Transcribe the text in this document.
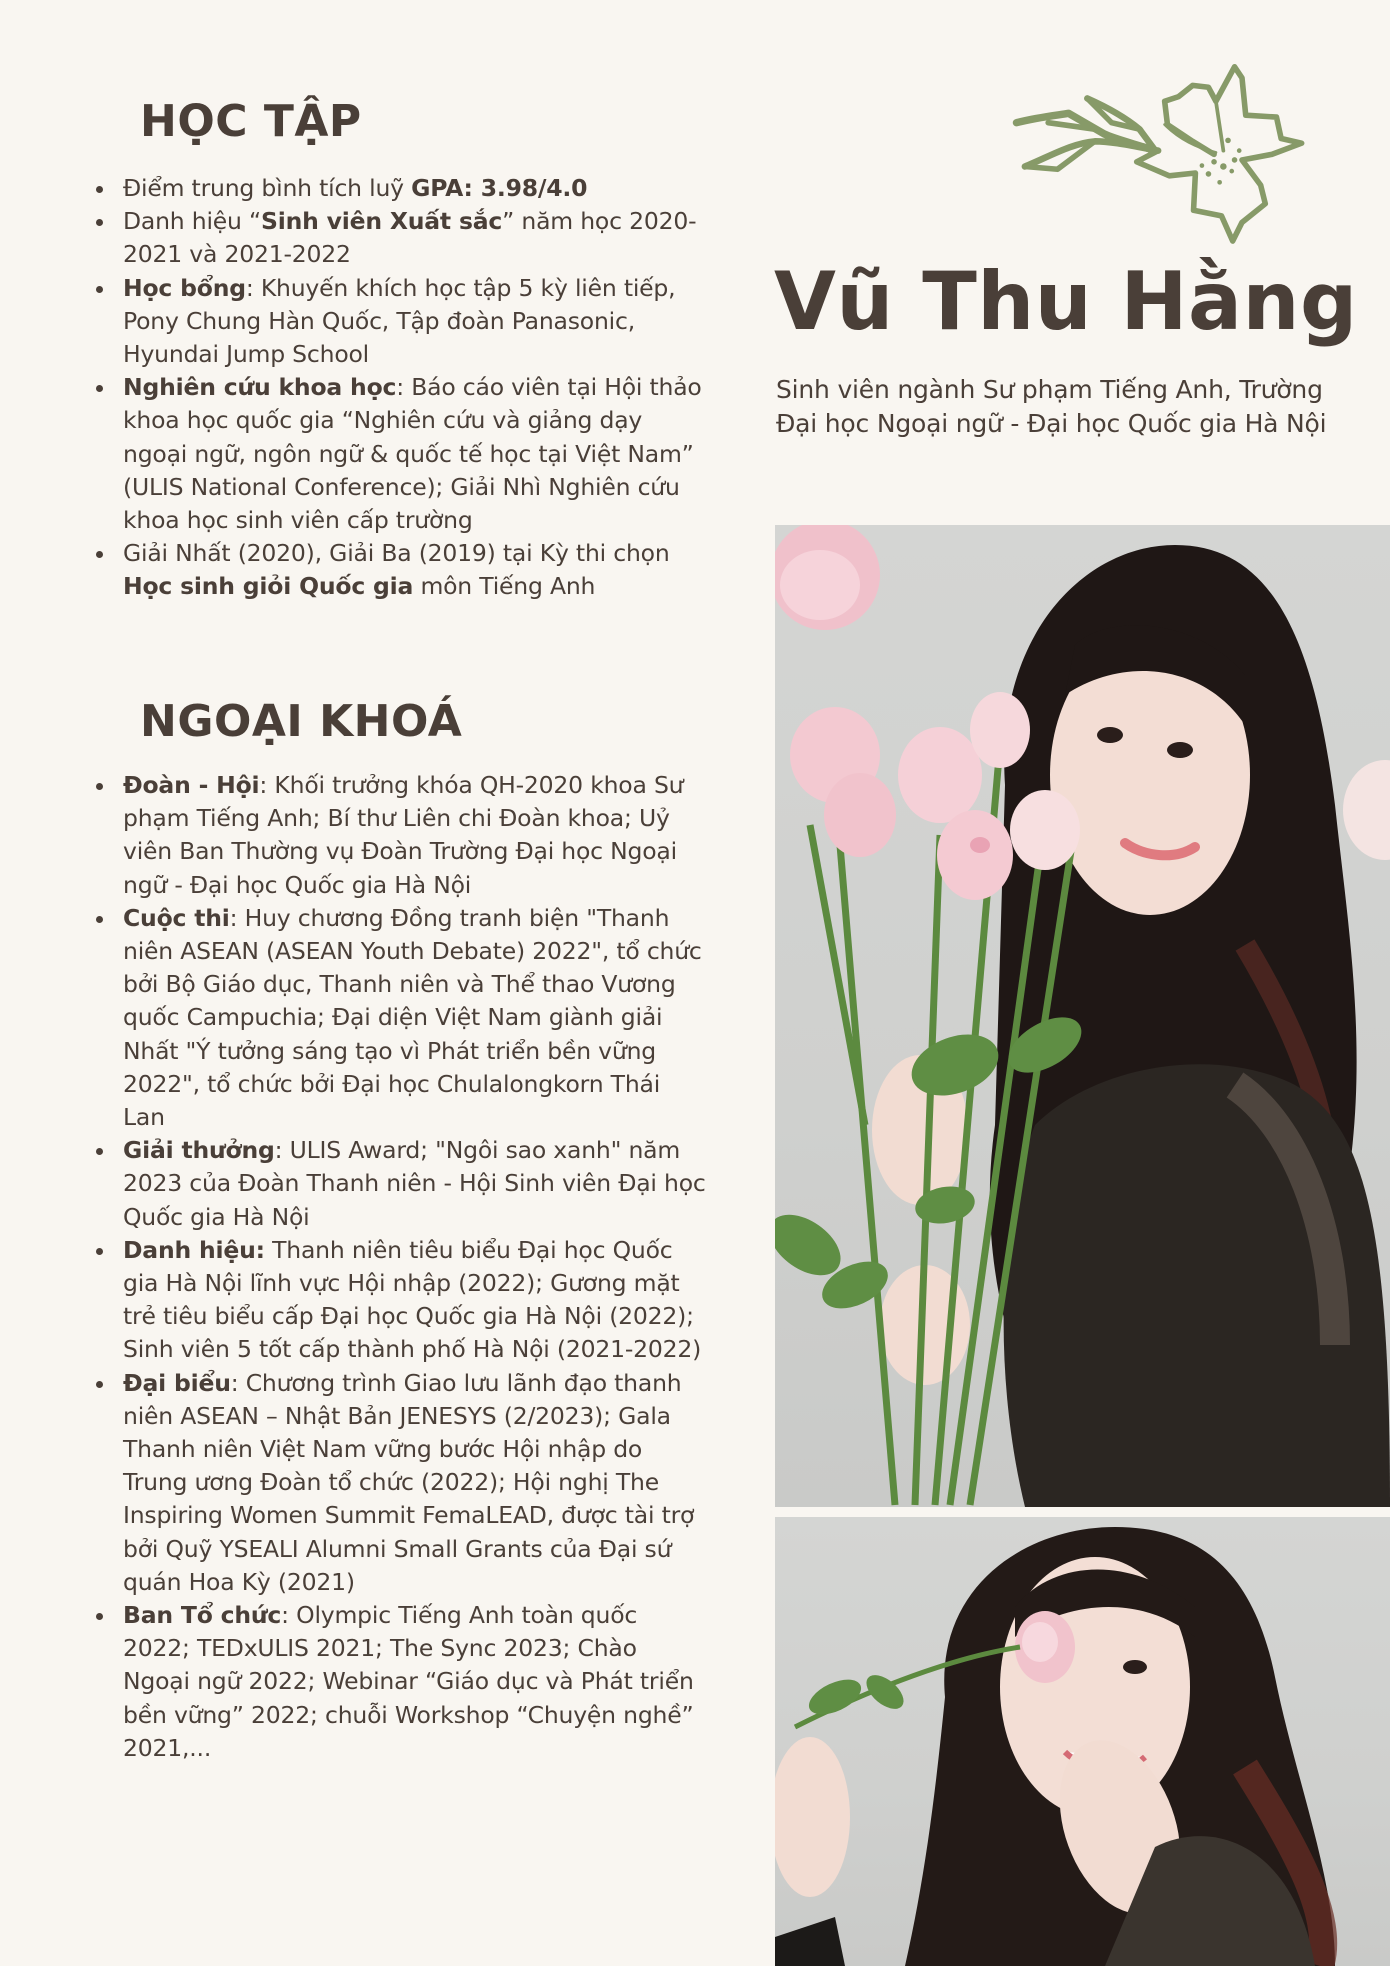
HỌC TẬP
Điểm trung bình tích luỹ GPA: 3.98/4.0
Danh hiệu “Sinh viên Xuất sắc” năm học 2020-2021 và 2021-2022
Học bổng: Khuyến khích học tập 5 kỳ liên tiếp, Pony Chung Hàn Quốc, Tập đoàn Panasonic, Hyundai Jump School
Nghiên cứu khoa học: Báo cáo viên tại Hội thảo khoa học quốc gia “Nghiên cứu và giảng dạy ngoại ngữ, ngôn ngữ & quốc tế học tại Việt Nam” (ULIS National Conference); Giải Nhì Nghiên cứu khoa học sinh viên cấp trường
Giải Nhất (2020), Giải Ba (2019) tại Kỳ thi chọn Học sinh giỏi Quốc gia môn Tiếng Anh
NGOẠI KHOÁ
Đoàn - Hội: Khối trưởng khóa QH-2020 khoa Sư phạm Tiếng Anh; Bí thư Liên chi Đoàn khoa; Uỷ viên Ban Thường vụ Đoàn Trường Đại học Ngoại ngữ - Đại học Quốc gia Hà Nội
Cuộc thi: Huy chương Đồng tranh biện "Thanh niên ASEAN (ASEAN Youth Debate) 2022", tổ chức bởi Bộ Giáo dục, Thanh niên và Thể thao Vương quốc Campuchia; Đại diện Việt Nam giành giải Nhất "Ý tưởng sáng tạo vì Phát triển bền vững 2022", tổ chức bởi Đại học Chulalongkorn Thái Lan
Giải thưởng: ULIS Award; "Ngôi sao xanh" năm 2023 của Đoàn Thanh niên - Hội Sinh viên Đại học Quốc gia Hà Nội
Danh hiệu: Thanh niên tiêu biểu Đại học Quốc gia Hà Nội lĩnh vực Hội nhập (2022); Gương mặt trẻ tiêu biểu cấp Đại học Quốc gia Hà Nội (2022); Sinh viên 5 tốt cấp thành phố Hà Nội (2021-2022)
Đại biểu: Chương trình Giao lưu lãnh đạo thanh niên ASEAN – Nhật Bản JENESYS (2/2023); Gala Thanh niên Việt Nam vững bước Hội nhập do Trung ương Đoàn tổ chức (2022); Hội nghị The Inspiring Women Summit FemaLEAD, được tài trợ bởi Quỹ YSEALI Alumni Small Grants của Đại sứ quán Hoa Kỳ (2021)
Ban Tổ chức: Olympic Tiếng Anh toàn quốc 2022; TEDxULIS 2021; The Sync 2023; Chào Ngoại ngữ 2022; Webinar “Giáo dục và Phát triển bền vững” 2022; chuỗi Workshop “Chuyện nghề” 2021,...
Vũ Thu Hằng
Sinh viên ngành Sư phạm Tiếng Anh, Trường Đại học Ngoại ngữ - Đại học Quốc gia Hà Nội
